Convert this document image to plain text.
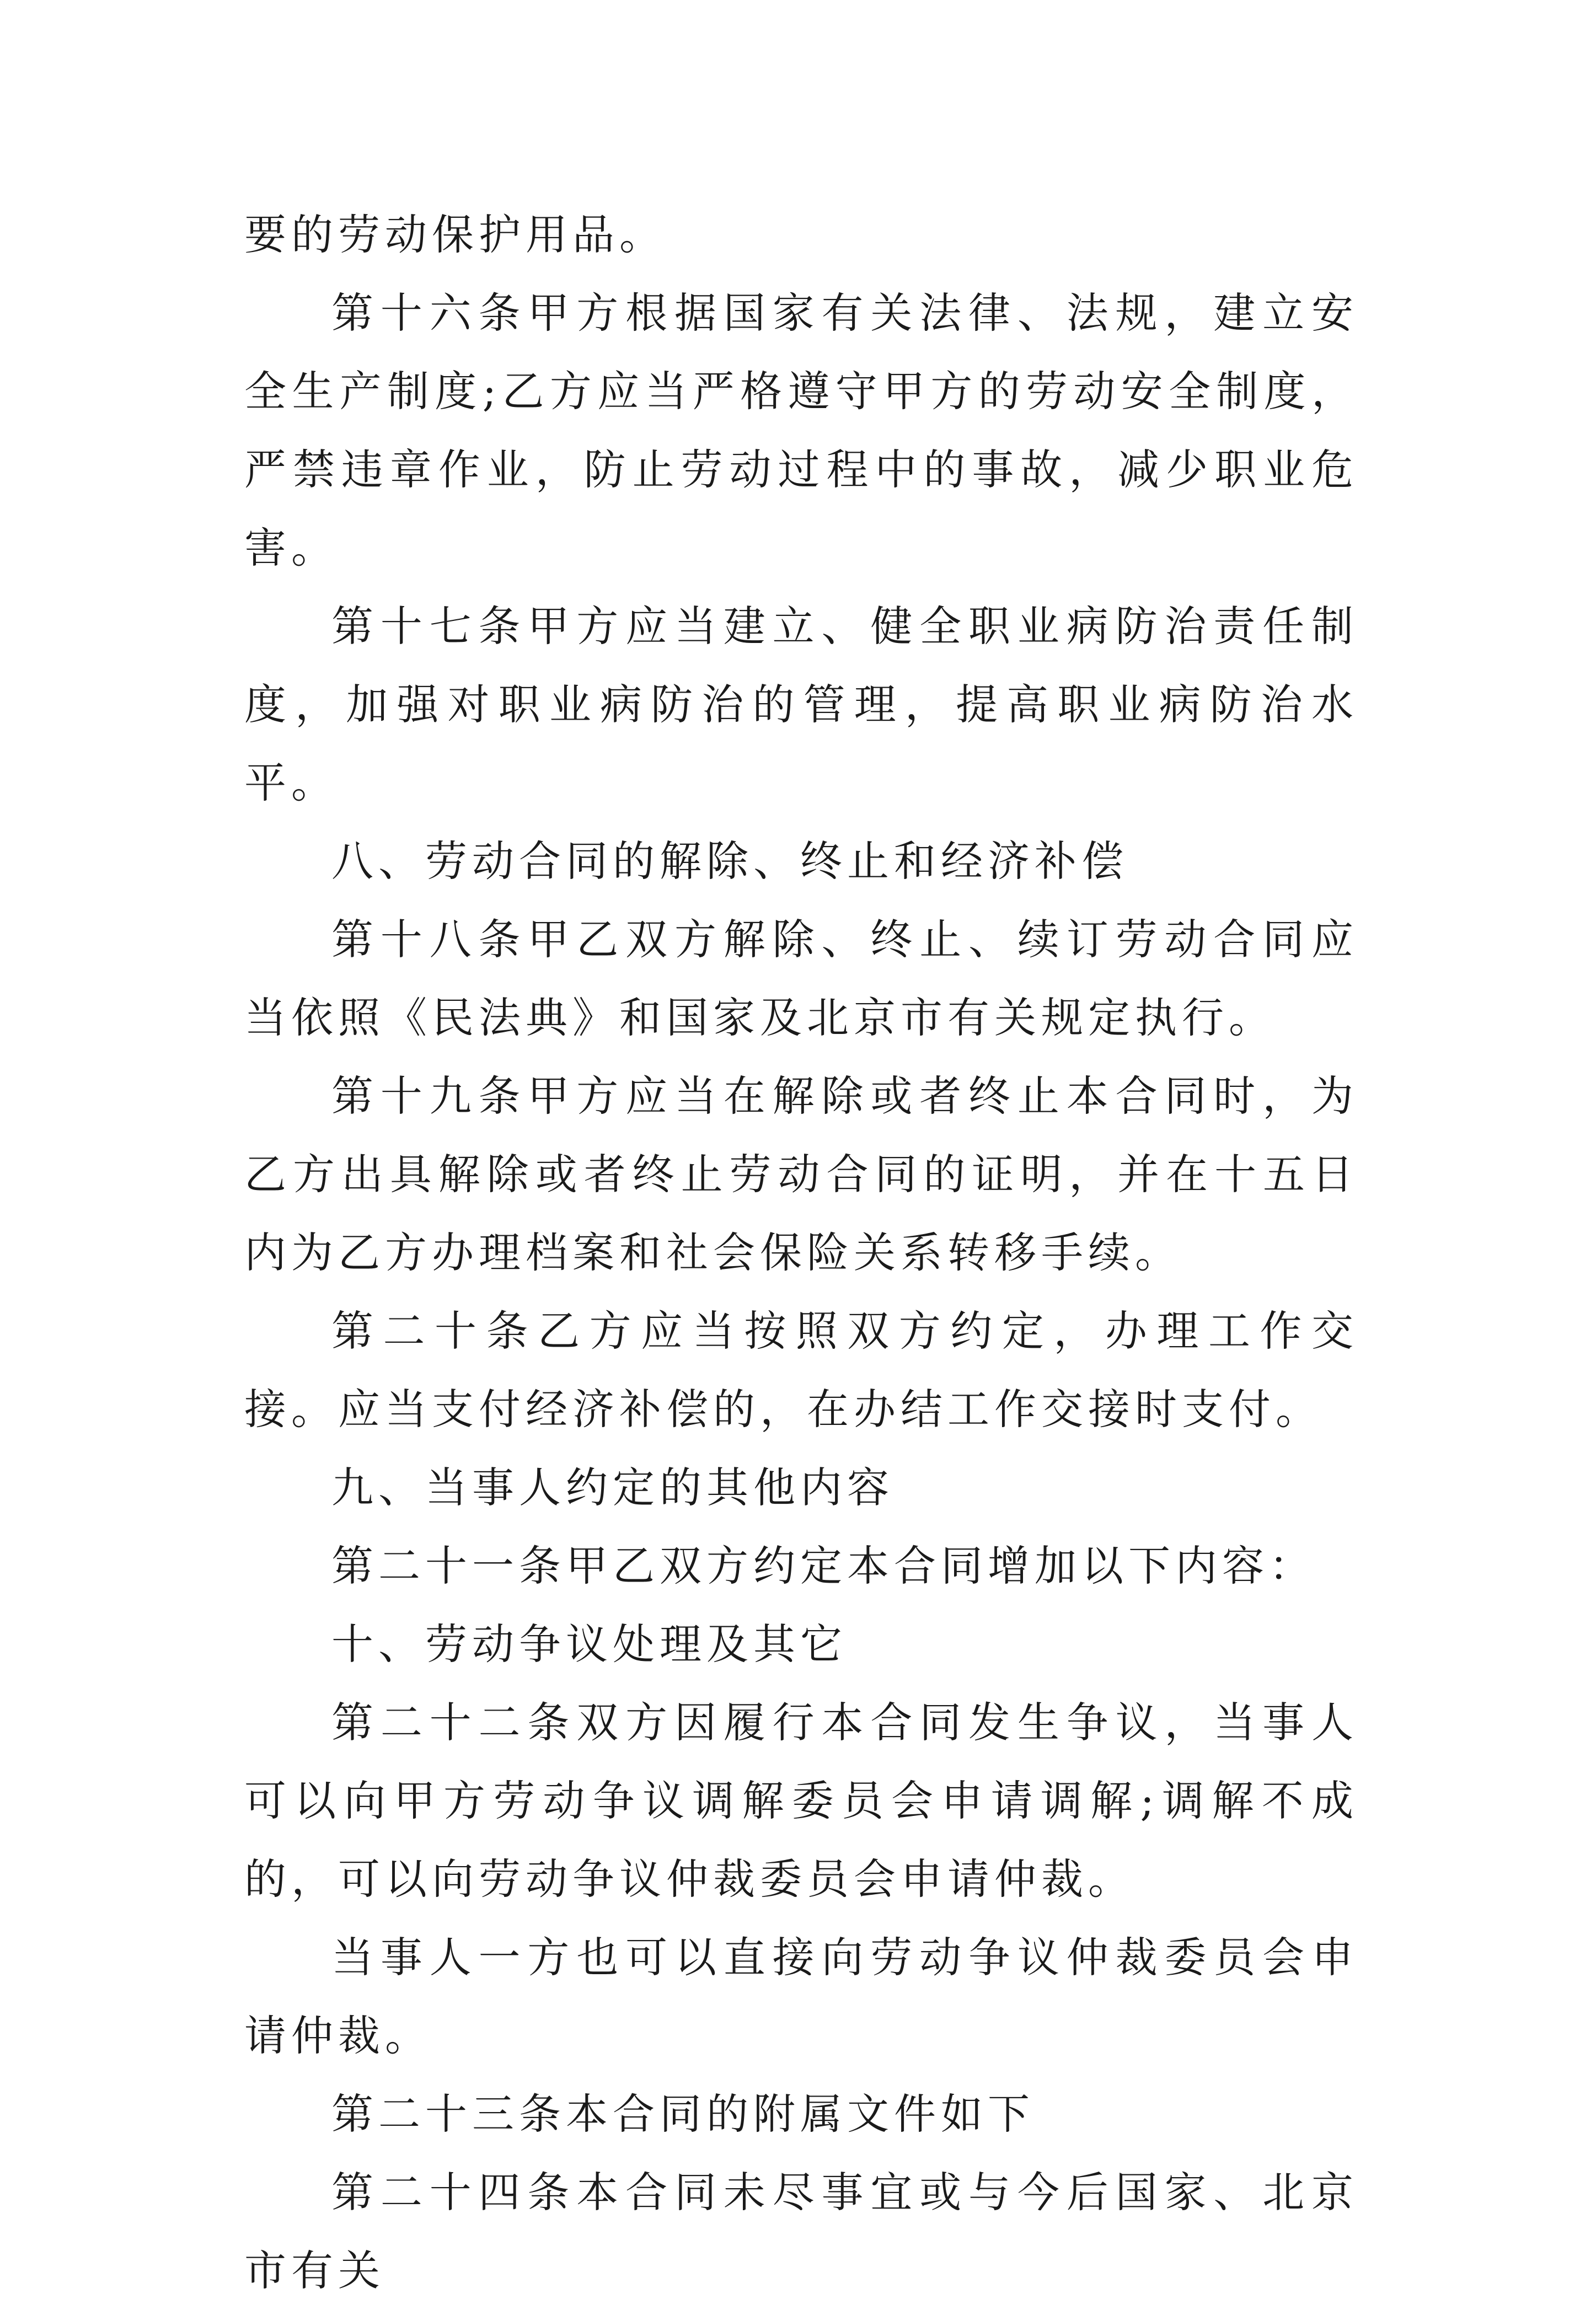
要的劳动保护用品。

第十六条甲方根据国家有关法律、法规，建立安全生产制度;乙方应当严格遵守甲方的劳动安全制度，严禁违章作业，防止劳动过程中的事故，减少职业危害。

第十七条甲方应当建立、健全职业病防治责任制度，加强对职业病防治的管理，提高职业病防治水平。

八、劳动合同的解除、终止和经济补偿

第十八条甲乙双方解除、终止、续订劳动合同应当依照《民法典》和国家及北京市有关规定执行。

第十九条甲方应当在解除或者终止本合同时，为乙方出具解除或者终止劳动合同的证明，并在十五日内为乙方办理档案和社会保险关系转移手续。

第二十条乙方应当按照双方约定，办理工作交接。应当支付经济补偿的，在办结工作交接时支付。

九、当事人约定的其他内容

第二十一条甲乙双方约定本合同增加以下内容：

十、劳动争议处理及其它

第二十二条双方因履行本合同发生争议，当事人可以向甲方劳动争议调解委员会申请调解;调解不成的，可以向劳动争议仲裁委员会申请仲裁。

当事人一方也可以直接向劳动争议仲裁委员会申请仲裁。

第二十三条本合同的附属文件如下

第二十四条本合同未尽事宜或与今后国家、北京市有关
